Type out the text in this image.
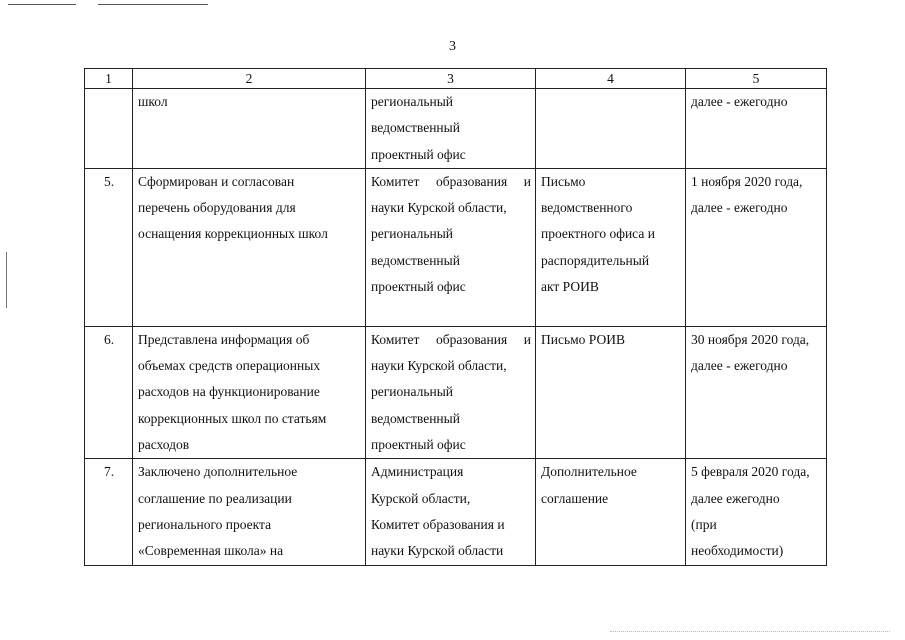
3
1	2	3	4	5

	школ	региональный
ведомственный
проектный офис		далее - ежегодно

5.	Сформирован и согласован
перечень оборудования для
оснащения коррекционных школ	Комитет образования и
науки Курской области,
региональный
ведомственный
проектный офис	Письмо
ведомственного
проектного офиса и
распорядительный
акт РОИВ	1 ноября 2020 года,
далее - ежегодно

6.	Представлена информация об
объемах средств операционных
расходов на функционирование
коррекционных школ по статьям
расходов	Комитет образования и
науки Курской области,
региональный
ведомственный
проектный офис	Письмо РОИВ	30 ноября 2020 года,
далее - ежегодно

7.	Заключено дополнительное
соглашение по реализации
регионального проекта
«Современная школа» на	Администрация
Курской области,
Комитет образования и
науки Курской области	Дополнительное
соглашение	5 февраля 2020 года,
далее ежегодно
(при
необходимости)
